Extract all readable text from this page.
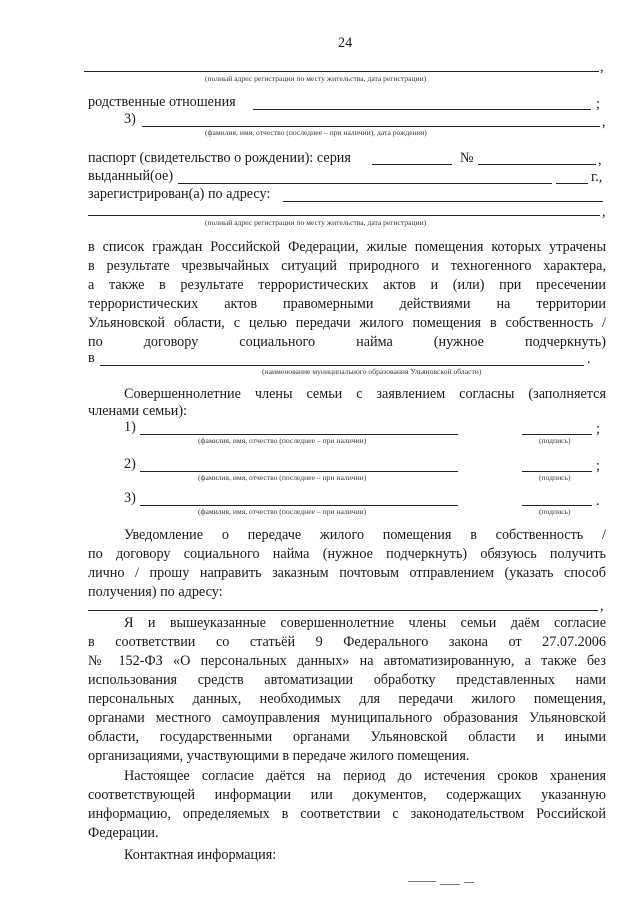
24
,
(полный адрес регистрации по месту жительства, дата регистрации)
родственные отношения	;
3)	,
(фамилия, имя, отчество (последнее – при наличии), дата рождения)
паспорт (свидетельство о рождении): серия	№	,
выданный(ое)	г.,
зарегистрирован(а) по адресу:
,
(полный адрес регистрации по месту жительства, дата регистрации)
в список граждан Российской Федерации, жилые помещения которых утрачены
в результате чрезвычайных ситуаций природного и техногенного характера,
а также в результате террористических актов и (или) при пресечении
террористических актов правомерными действиями на территории
Ульяновской области, с целью передачи жилого помещения в собственность /
по договору социального найма (нужное подчеркнуть)
в	.
(наименование муниципального образования Ульяновской области)
Совершеннолетние члены семьи с заявлением согласны (заполняется
членами семьи):
1)	;
(фамилия, имя, отчество (последнее – при наличии)	(подпись)
2)	;
(фамилия, имя, отчество (последнее – при наличии)	(подпись)
3)	.
(фамилия, имя, отчество (последнее – при наличии)	(подпись)
Уведомление о передаче жилого помещения в собственность /
по договору социального найма (нужное подчеркнуть) обязуюсь получить
лично / прошу направить заказным почтовым отправлением (указать способ
получения) по адресу:
,
Я и вышеуказанные совершеннолетние члены семьи даём согласие
в соответствии со статьёй 9 Федерального закона от 27.07.2006
№ 152-ФЗ «О персональных данных» на автоматизированную, а также без
использования средств автоматизации обработку представленных нами
персональных данных, необходимых для передачи жилого помещения,
органами местного самоуправления муниципального образования Ульяновской
области, государственными органами Ульяновской области и иными
организациями, участвующими в передаче жилого помещения.
Настоящее согласие даётся на период до истечения сроков хранения
соответствующей информации или документов, содержащих указанную
информацию, определяемых в соответствии с законодательством Российской
Федерации.
Контактная информация:
